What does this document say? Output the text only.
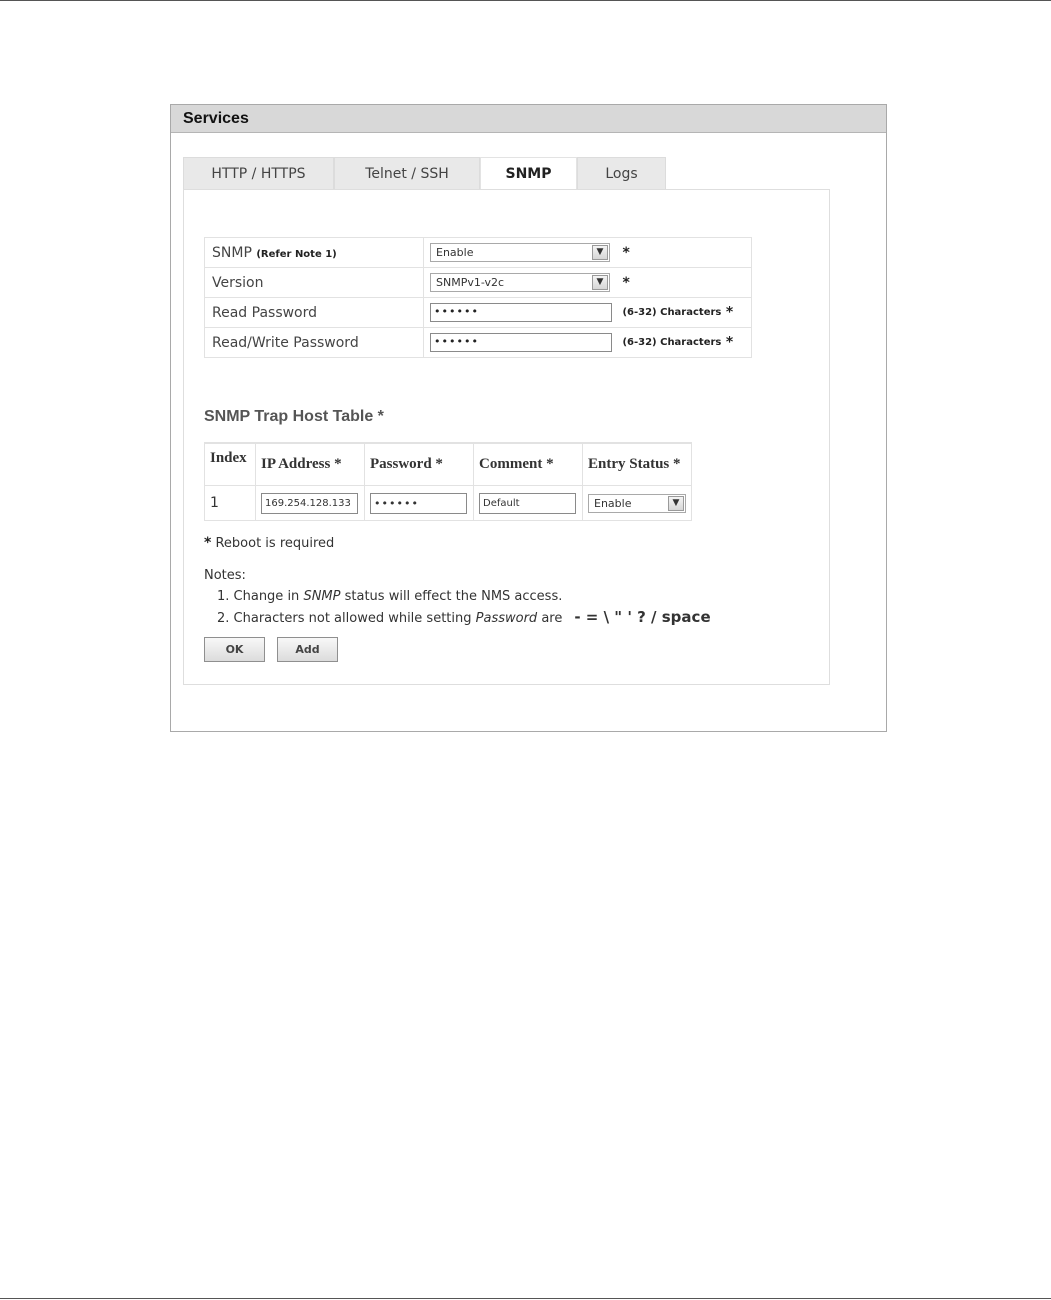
Services
HTTP / HTTPS	Telnet / SSH	SNMP	Logs
SNMP (Refer Note 1)	Enable ▼ *
Version	SNMPv1-v2c ▼ *
Read Password	•••••• (6-32) Characters *
Read/Write Password	•••••• (6-32) Characters *
SNMP Trap Host Table *
Index	IP Address *	Password *	Comment *	Entry Status *
1	169.254.128.133	••••••	Default	Enable ▼
* Reboot is required
Notes:
1. Change in SNMP status will effect the NMS access.
2. Characters not allowed while setting Password are - = \ " ' ? / space
OK	Add
